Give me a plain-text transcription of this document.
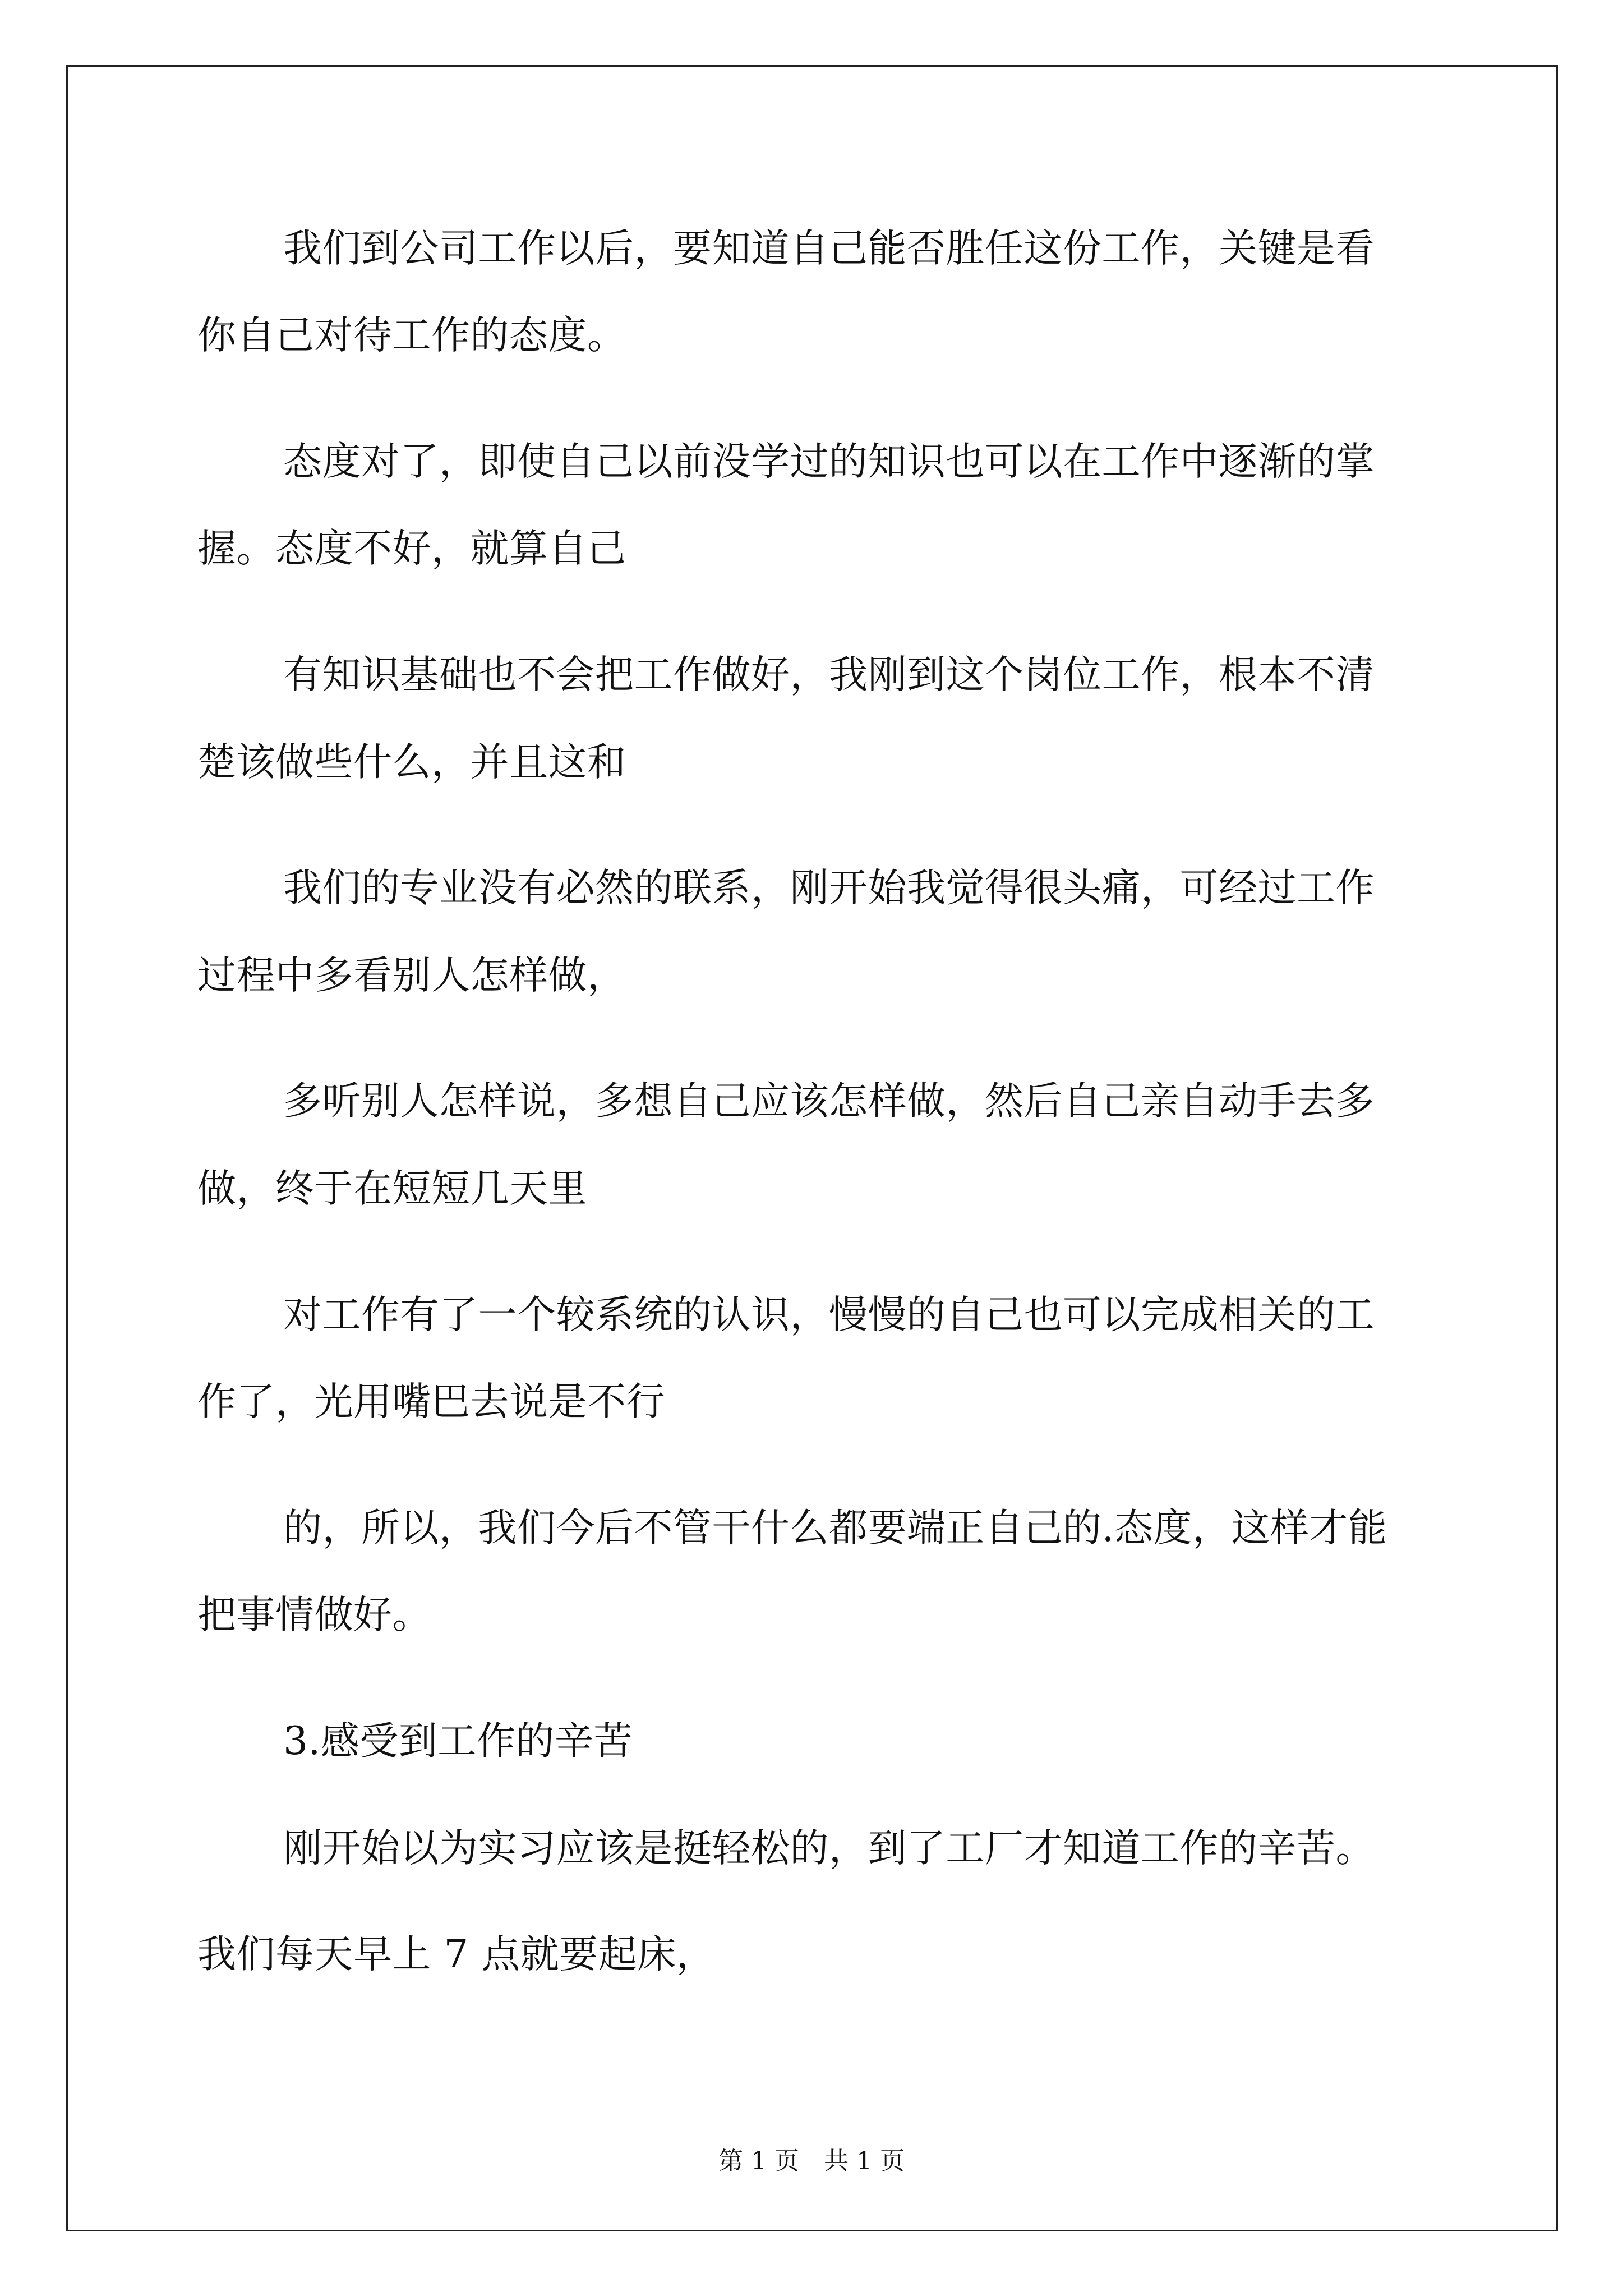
我们到公司工作以后，要知道自己能否胜任这份工作，关键是看

你自己对待工作的态度。

态度对了，即使自己以前没学过的知识也可以在工作中逐渐的掌

握。态度不好，就算自己

有知识基础也不会把工作做好，我刚到这个岗位工作，根本不清

楚该做些什么，并且这和

我们的专业没有必然的联系，刚开始我觉得很头痛，可经过工作

过程中多看别人怎样做，

多听别人怎样说，多想自己应该怎样做，然后自己亲自动手去多

做，终于在短短几天里

对工作有了一个较系统的认识，慢慢的自己也可以完成相关的工

作了，光用嘴巴去说是不行

的，所以，我们今后不管干什么都要端正自己的.态度，这样才能

把事情做好。

3.感受到工作的辛苦

刚开始以为实习应该是挺轻松的，到了工厂才知道工作的辛苦。

我们每天早上 7 点就要起床，

第 1 页　共 1 页
